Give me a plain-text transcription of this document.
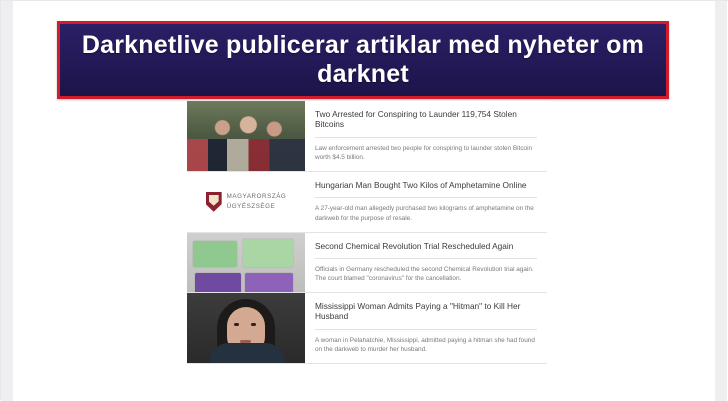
Darknetlive publicerar artiklar med nyheter om darknet

Two Arrested for Conspiring to Launder 119,754 Stolen Bitcoins

Law enforcement arrested two people for conspiring to launder stolen Bitcoin worth $4.5 billion.

MAGYARORSZÁG
ÜGYÉSZSÉGE

Hungarian Man Bought Two Kilos of Amphetamine Online

A 27-year-old man allegedly purchased two kilograms of amphetamine on the darkweb for the purpose of resale.

Second Chemical Revolution Trial Rescheduled Again

Officials in Germany rescheduled the second Chemical Revolution trial again. The court blamed "coronavirus" for the cancellation.

Mississippi Woman Admits Paying a "Hitman" to Kill Her Husband

A woman in Pelahatchie, Mississippi, admitted paying a hitman she had found on the darkweb to murder her husband.
